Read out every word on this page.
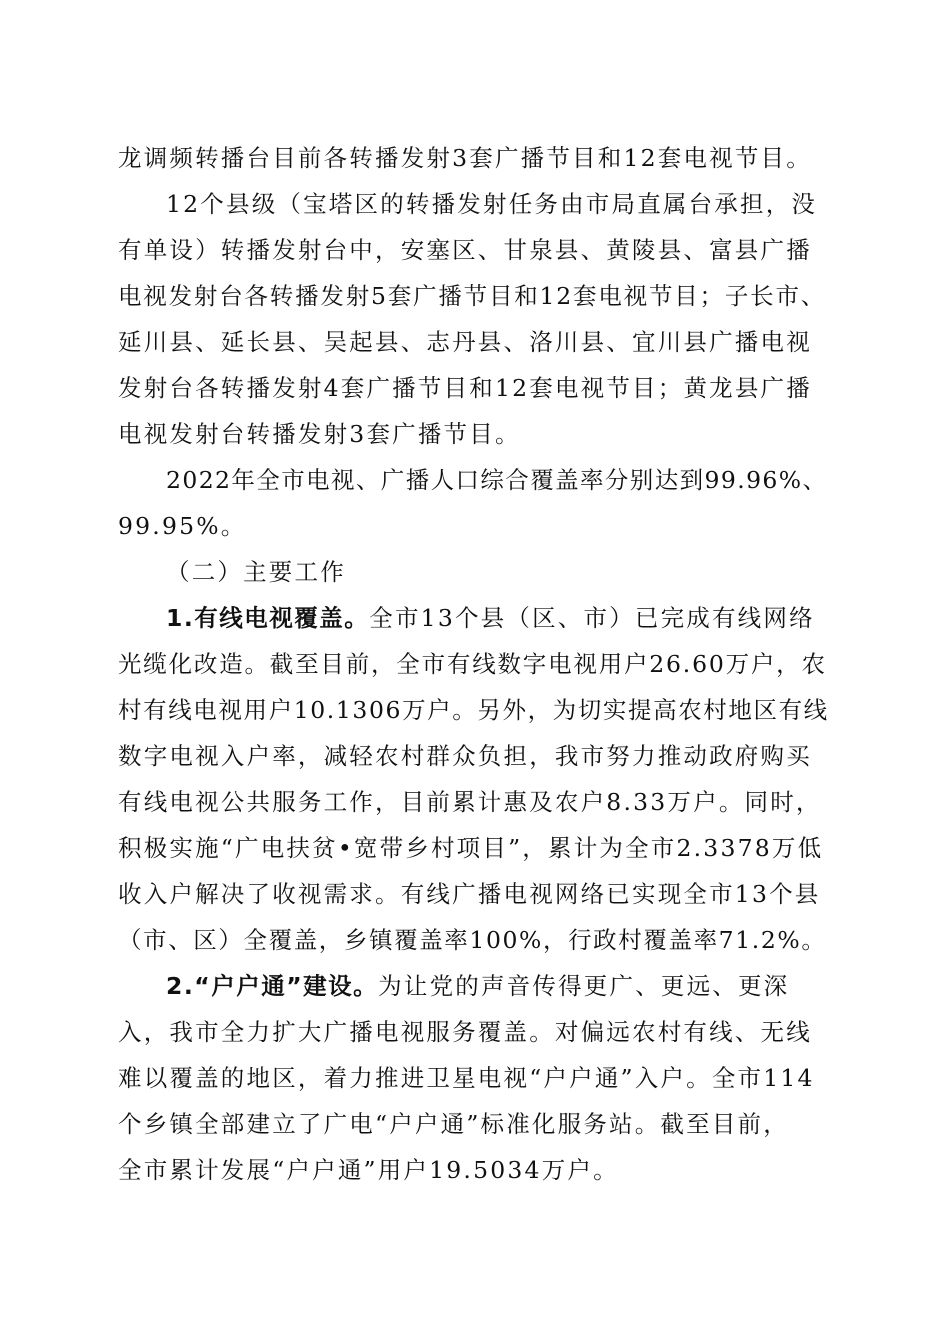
龙调频转播台目前各转播发射3套广播节目和12套电视节目。
12个县级（宝塔区的转播发射任务由市局直属台承担，没
有单设）转播发射台中，安塞区、甘泉县、黄陵县、富县广播
电视发射台各转播发射5套广播节目和12套电视节目；子长市、
延川县、延长县、吴起县、志丹县、洛川县、宜川县广播电视
发射台各转播发射4套广播节目和12套电视节目；黄龙县广播
电视发射台转播发射3套广播节目。
2022年全市电视、广播人口综合覆盖率分别达到99.96%、
99.95%。
（二）主要工作
1.有线电视覆盖。全市13个县（区、市）已完成有线网络
光缆化改造。截至目前，全市有线数字电视用户26.60万户，农
村有线电视用户10.1306万户。另外，为切实提高农村地区有线
数字电视入户率，减轻农村群众负担，我市努力推动政府购买
有线电视公共服务工作，目前累计惠及农户8.33万户。同时，
积极实施“广电扶贫•宽带乡村项目”，累计为全市2.3378万低
收入户解决了收视需求。有线广播电视网络已实现全市13个县
（市、区）全覆盖，乡镇覆盖率100%，行政村覆盖率71.2%。
2.“户户通”建设。为让党的声音传得更广、更远、更深
入，我市全力扩大广播电视服务覆盖。对偏远农村有线、无线
难以覆盖的地区，着力推进卫星电视“户户通”入户。全市114
个乡镇全部建立了广电“户户通”标准化服务站。截至目前，
全市累计发展“户户通”用户19.5034万户。
